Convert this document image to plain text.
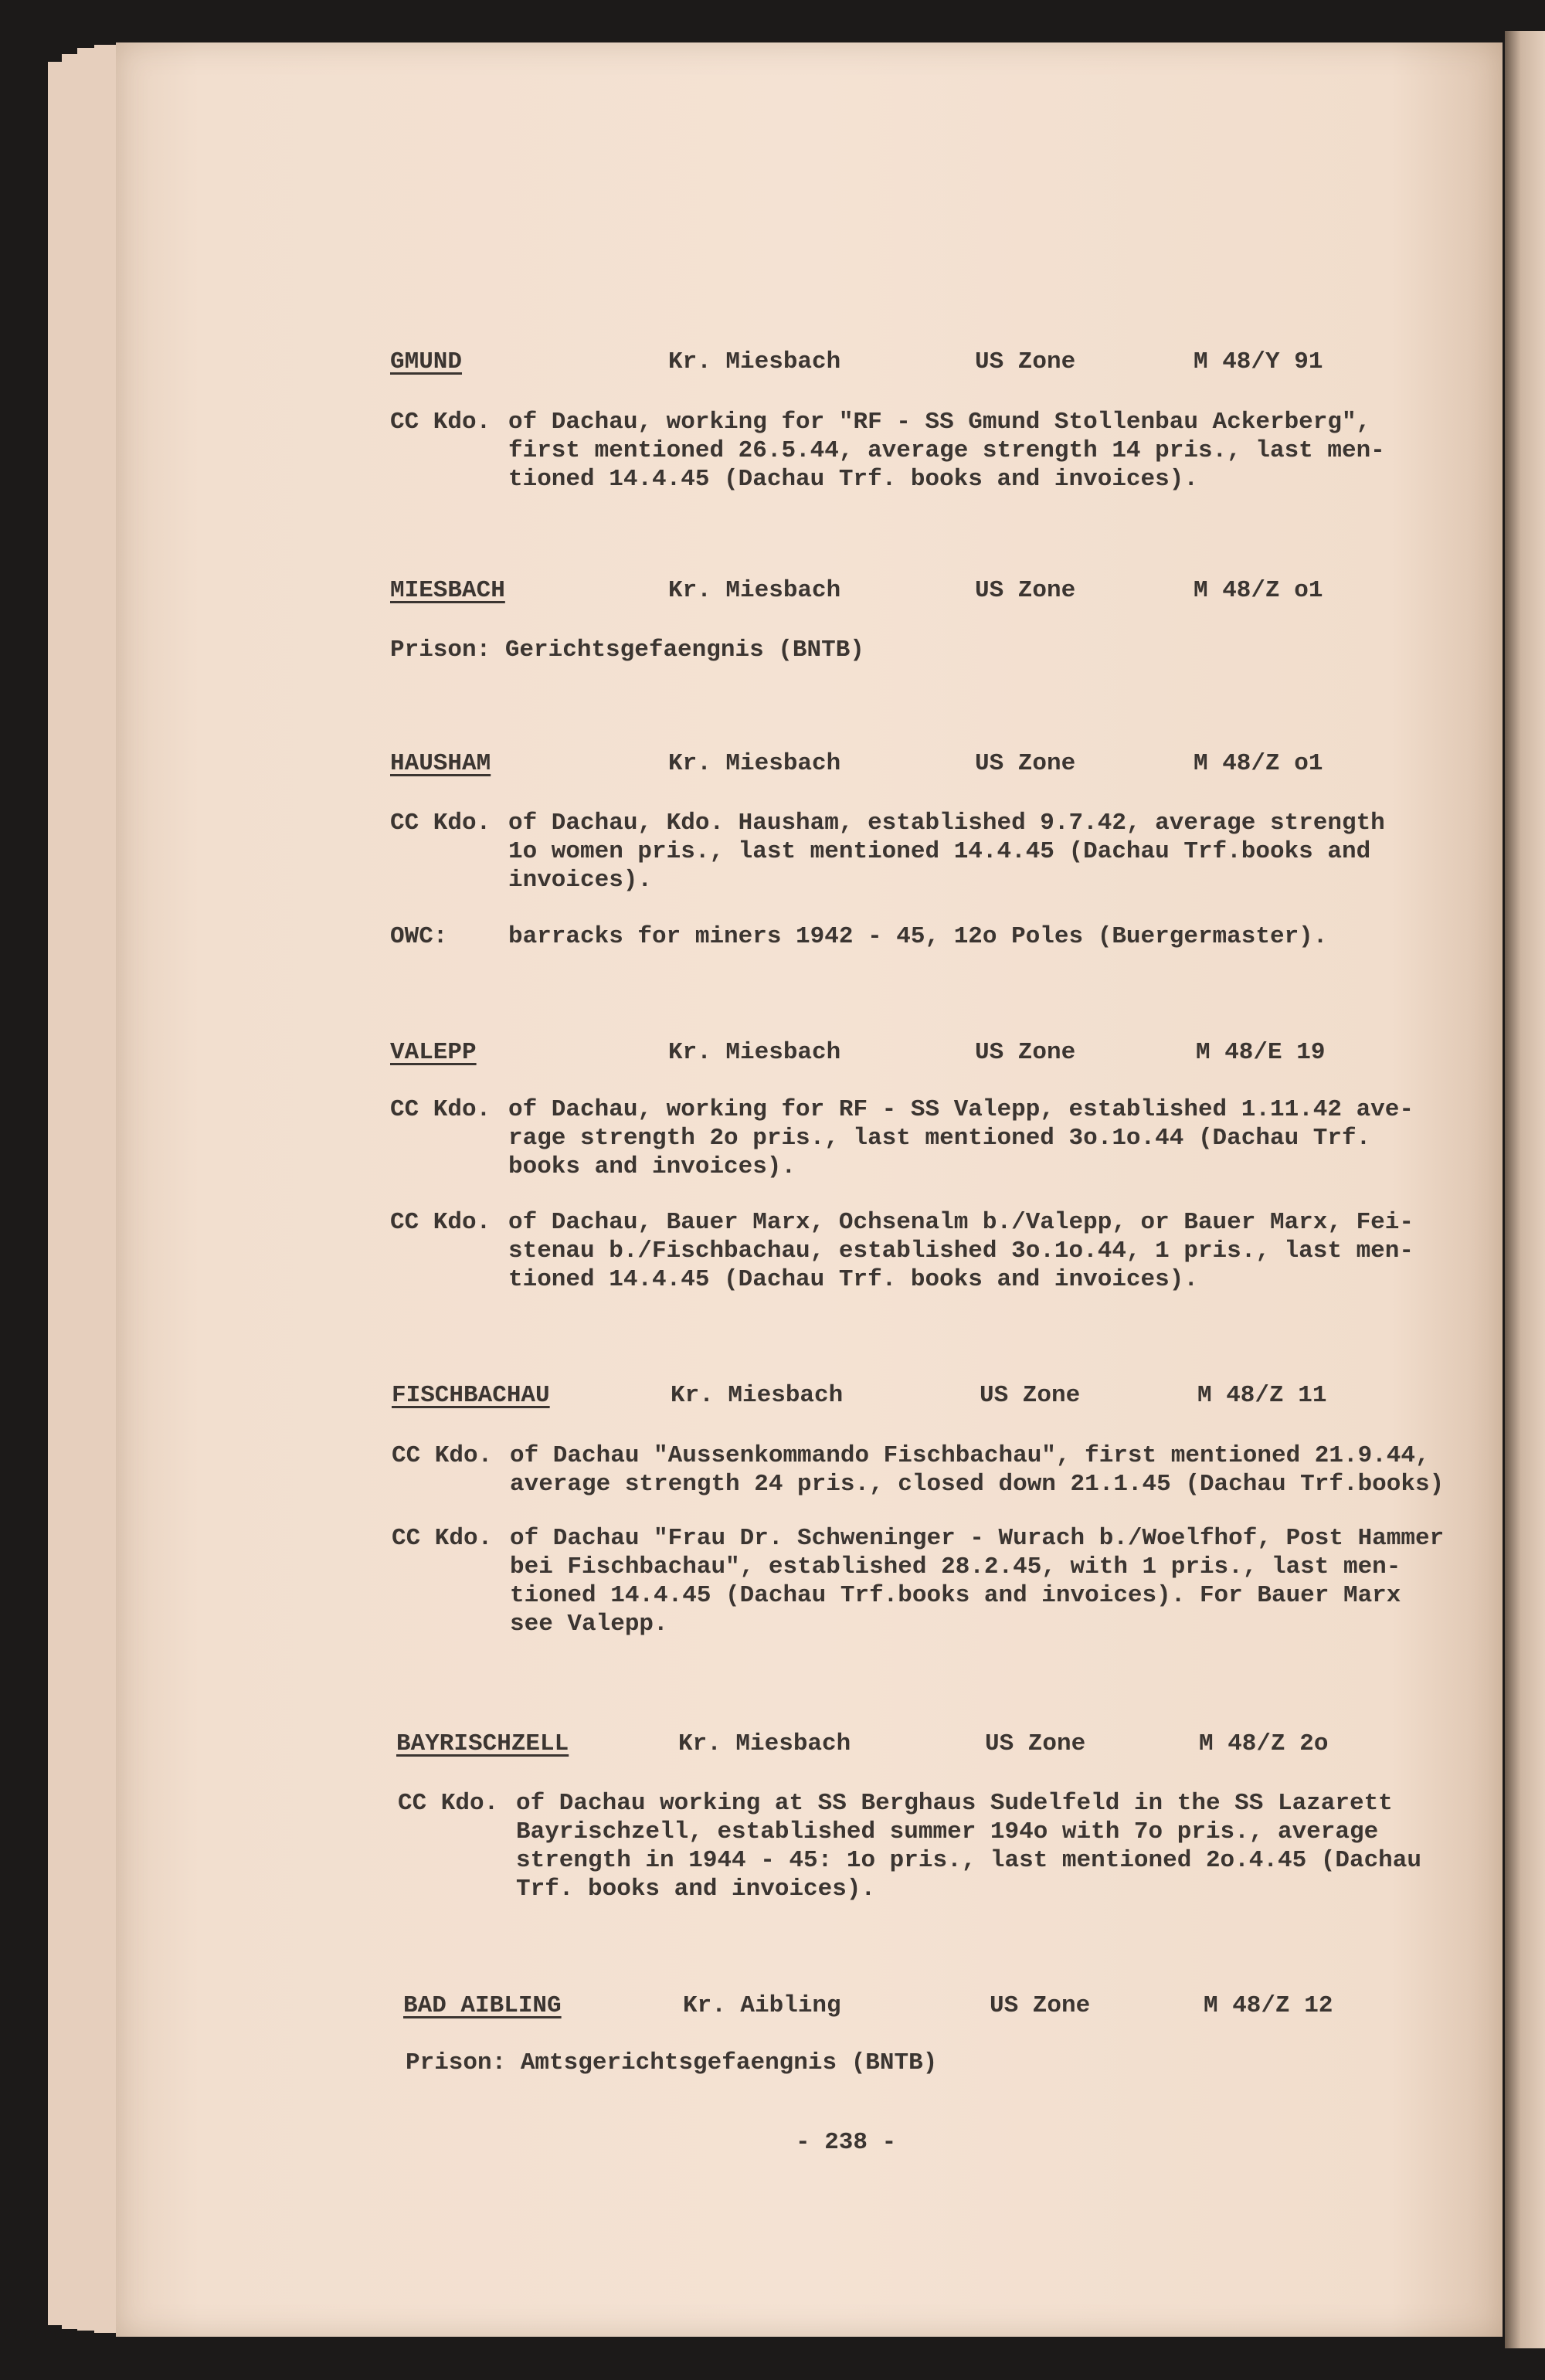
GMUND	Kr. Miesbach	US Zone	M 48/Y 91
CC Kdo. of Dachau, working for "RF - SS Gmund Stollenbau Ackerberg",
first mentioned 26.5.44, average strength 14 pris., last men-
tioned 14.4.45 (Dachau Trf. books and invoices).
MIESBACH	Kr. Miesbach	US Zone	M 48/Z o1
Prison: Gerichtsgefaengnis (BNTB)
HAUSHAM	Kr. Miesbach	US Zone	M 48/Z o1
CC Kdo. of Dachau, Kdo. Hausham, established 9.7.42, average strength
1o women pris., last mentioned 14.4.45 (Dachau Trf.books and
invoices).
OWC:	barracks for miners 1942 - 45, 12o Poles (Buergermaster).
VALEPP	Kr. Miesbach	US Zone	M 48/E 19
CC Kdo. of Dachau, working for RF - SS Valepp, established 1.11.42 ave-
rage strength 2o pris., last mentioned 3o.1o.44 (Dachau Trf.
books and invoices).
CC Kdo. of Dachau, Bauer Marx, Ochsenalm b./Valepp, or Bauer Marx, Fei-
stenau b./Fischbachau, established 3o.1o.44, 1 pris., last men-
tioned 14.4.45 (Dachau Trf. books and invoices).
FISCHBACHAU	Kr. Miesbach	US Zone	M 48/Z 11
CC Kdo. of Dachau "Aussenkommando Fischbachau", first mentioned 21.9.44,
average strength 24 pris., closed down 21.1.45 (Dachau Trf.books)
CC Kdo. of Dachau "Frau Dr. Schweninger - Wurach b./Woelfhof, Post Hammer
bei Fischbachau", established 28.2.45, with 1 pris., last men-
tioned 14.4.45 (Dachau Trf.books and invoices). For Bauer Marx
see Valepp.
BAYRISCHZELL	Kr. Miesbach	US Zone	M 48/Z 2o
CC Kdo. of Dachau working at SS Berghaus Sudelfeld in the SS Lazarett
Bayrischzell, established summer 194o with 7o pris., average
strength in 1944 - 45: 1o pris., last mentioned 2o.4.45 (Dachau
Trf. books and invoices).
BAD AIBLING	Kr. Aibling	US Zone	M 48/Z 12
Prison: Amtsgerichtsgefaengnis (BNTB)
- 238 -
